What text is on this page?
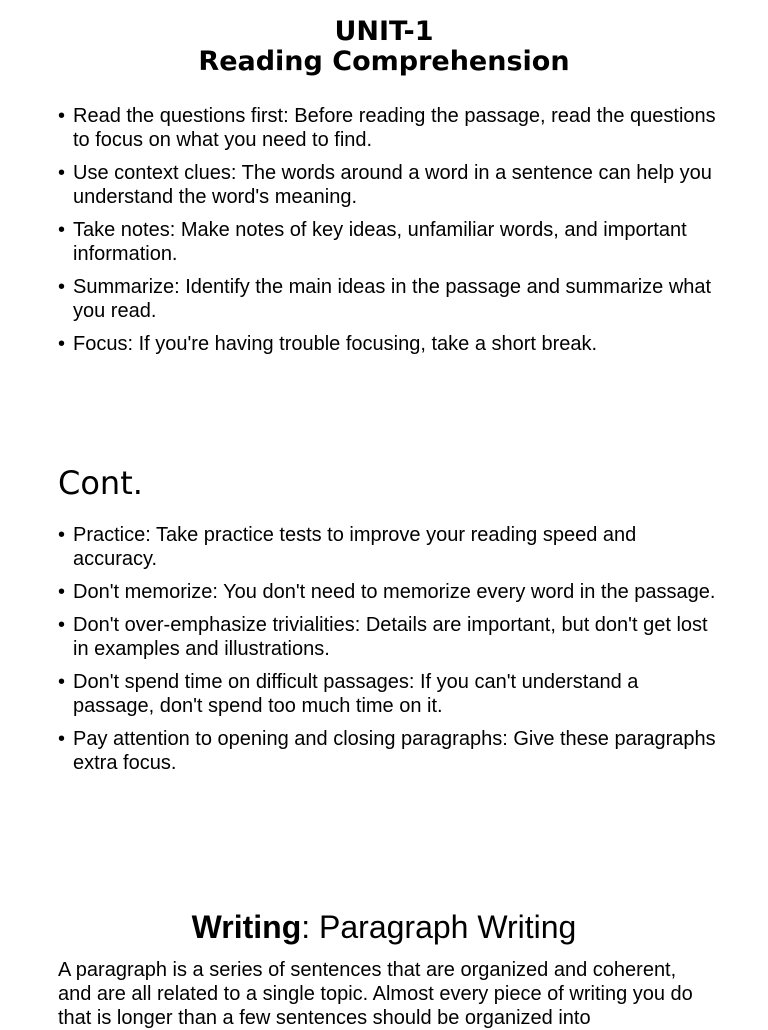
UNIT-1
Reading Comprehension
• Read the questions first: Before reading the passage, read the questions to focus on what you need to find.
• Use context clues: The words around a word in a sentence can help you understand the word's meaning.
• Take notes: Make notes of key ideas, unfamiliar words, and important information.
• Summarize: Identify the main ideas in the passage and summarize what you read.
• Focus: If you're having trouble focusing, take a short break.
Cont.
• Practice: Take practice tests to improve your reading speed and accuracy.
• Don't memorize: You don't need to memorize every word in the passage.
• Don't over-emphasize trivialities: Details are important, but don't get lost in examples and illustrations.
• Don't spend time on difficult passages: If you can't understand a passage, don't spend too much time on it.
• Pay attention to opening and closing paragraphs: Give these paragraphs extra focus.
Writing: Paragraph Writing

A paragraph is a series of sentences that are organized and coherent, and are all related to a single topic. Almost every piece of writing you do that is longer than a few sentences should be organized into
